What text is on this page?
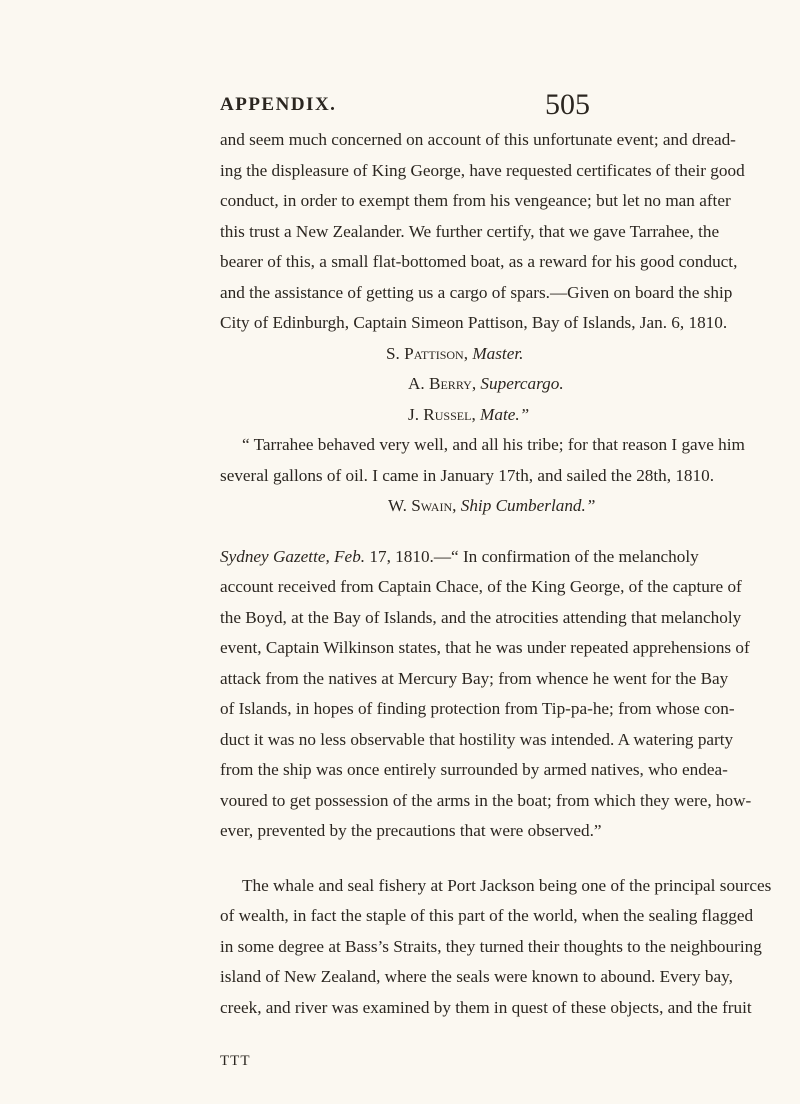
APPENDIX.	505
and seem much concerned on account of this unfortunate event; and dread-
ing the displeasure of King George, have requested certificates of their good
conduct, in order to exempt them from his vengeance; but let no man after
this trust a New Zealander. We further certify, that we gave Tarrahee, the
bearer of this, a small flat-bottomed boat, as a reward for his good conduct,
and the assistance of getting us a cargo of spars.—Given on board the ship
City of Edinburgh, Captain Simeon Pattison, Bay of Islands, Jan. 6, 1810.
S. Pattison, Master.
A. Berry, Supercargo.
J. Russel, Mate.”
“ Tarrahee behaved very well, and all his tribe; for that reason I gave him
several gallons of oil. I came in January 17th, and sailed the 28th, 1810.
W. Swain, Ship Cumberland.”
Sydney Gazette, Feb. 17, 1810.—“ In confirmation of the melancholy
account received from Captain Chace, of the King George, of the capture of
the Boyd, at the Bay of Islands, and the atrocities attending that melancholy
event, Captain Wilkinson states, that he was under repeated apprehensions of
attack from the natives at Mercury Bay; from whence he went for the Bay
of Islands, in hopes of finding protection from Tip-pa-he; from whose con-
duct it was no less observable that hostility was intended. A watering party
from the ship was once entirely surrounded by armed natives, who endea-
voured to get possession of the arms in the boat; from which they were, how-
ever, prevented by the precautions that were observed.”
The whale and seal fishery at Port Jackson being one of the principal sources
of wealth, in fact the staple of this part of the world, when the sealing flagged
in some degree at Bass’s Straits, they turned their thoughts to the neighbouring
island of New Zealand, where the seals were known to abound. Every bay,
creek, and river was examined by them in quest of these objects, and the fruit
TTT
